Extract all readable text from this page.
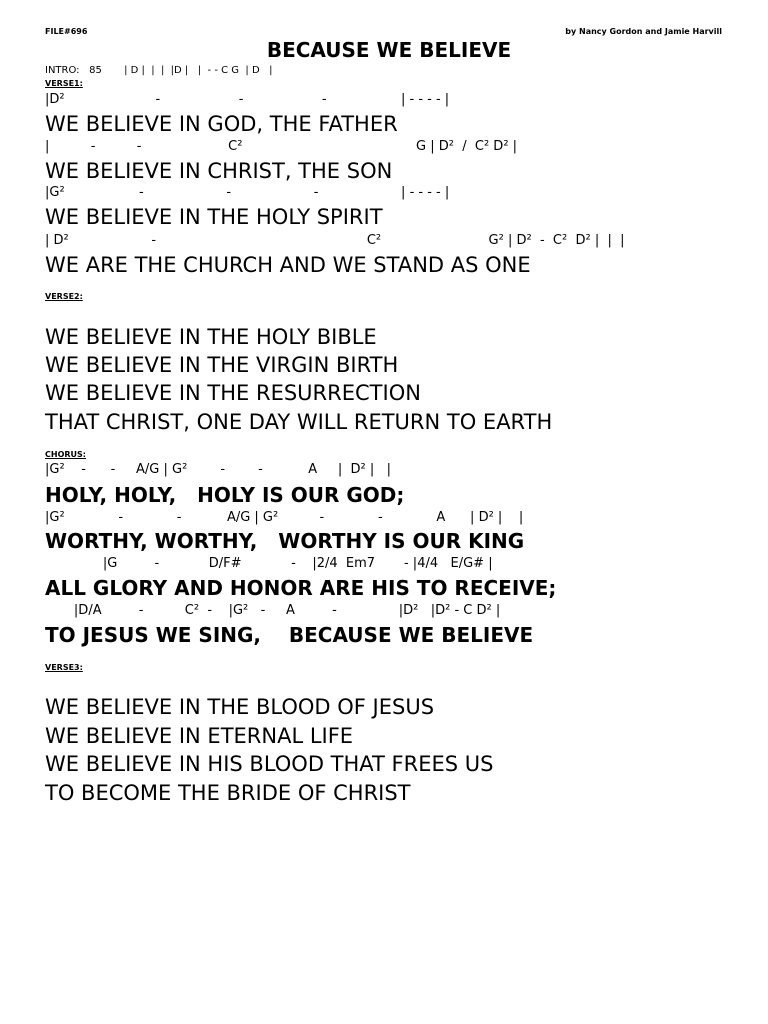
FILE#696	by Nancy Gordon and Jamie Harvill
BECAUSE WE BELIEVE
INTRO:   85       | D |  |  |  |D |   |  - - C G  | D   |
VERSE1:
|D²                      -                   -                   -                  | - - - - |
WE BELIEVE IN GOD, THE FATHER
|          -          -                     C²                                          G | D²  /  C² D² |
WE BELIEVE IN CHRIST, THE SON
|G²                  -                    -                    -                    | - - - - |
WE BELIEVE IN THE HOLY SPIRIT
| D²                    -                                                   C²                          G² | D²  -  C²  D² |  |  |
WE ARE THE CHURCH AND WE STAND AS ONE
VERSE2:
WE BELIEVE IN THE HOLY BIBLE
WE BELIEVE IN THE VIRGIN BIRTH
WE BELIEVE IN THE RESURRECTION
THAT CHRIST, ONE DAY WILL RETURN TO EARTH
CHORUS:
|G²    -      -     A/G | G²        -        -           A     |  D² |   |
HOLY, HOLY,   HOLY IS OUR GOD;
|G²             -             -           A/G | G²          -             -             A      | D² |    |
WORTHY, WORTHY,   WORTHY IS OUR KING
|G         -            D/F#            -    |2/4  Em7       - |4/4   E/G# |
ALL GLORY AND HONOR ARE HIS TO RECEIVE;
|D/A         -          C²  -    |G²   -     A         -               |D²   |D² - C D² |
TO JESUS WE SING,    BECAUSE WE BELIEVE
VERSE3:
WE BELIEVE IN THE BLOOD OF JESUS
WE BELIEVE IN ETERNAL LIFE
WE BELIEVE IN HIS BLOOD THAT FREES US
TO BECOME THE BRIDE OF CHRIST
